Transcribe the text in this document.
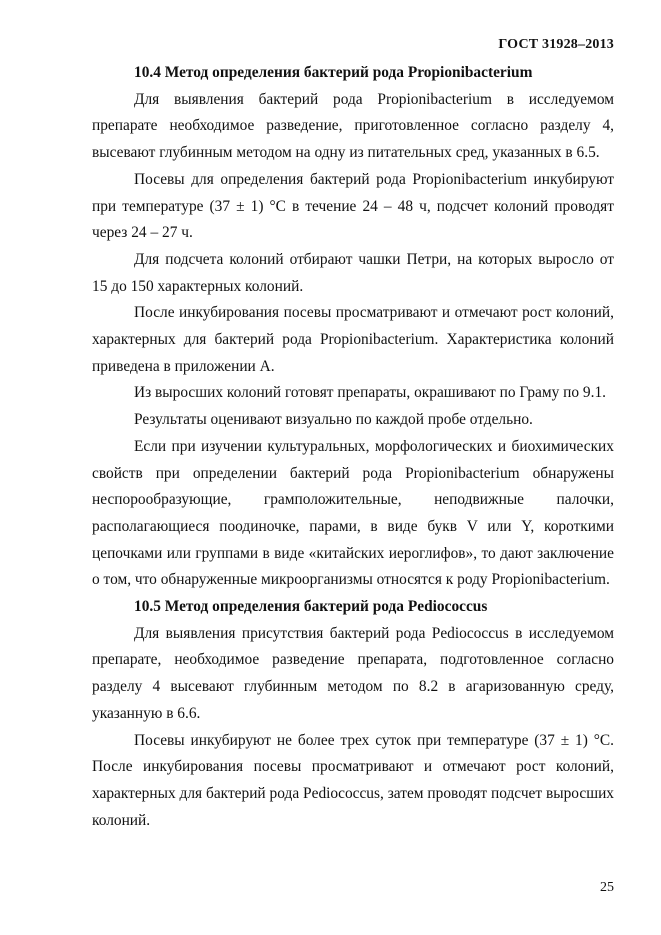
ГОСТ 31928–2013
10.4 Метод определения бактерий рода Propionibacterium

Для выявления бактерий рода Propionibacterium в исследуемом препарате необходимое разведение, приготовленное согласно разделу 4, высевают глубинным методом на одну из питательных сред, указанных в 6.5.

Посевы для определения бактерий рода Propionibacterium инкубируют при температуре (37 ± 1) °С в течение 24 – 48 ч, подсчет колоний проводят через 24 – 27 ч.

Для подсчета колоний отбирают чашки Петри, на которых выросло от 15 до 150 характерных колоний.

После инкубирования посевы просматривают и отмечают рост колоний, характерных для бактерий рода Propionibacterium. Характеристика колоний приведена в приложении А.

Из выросших колоний готовят препараты, окрашивают по Граму по 9.1.

Результаты оценивают визуально по каждой пробе отдельно.

Если при изучении культуральных, морфологических и биохимических свойств при определении бактерий рода Propionibacterium обнаружены неспорообразующие, грамположительные, неподвижные палочки, располагающиеся поодиночке, парами, в виде букв V или Y, короткими цепочками или группами в виде «китайских иероглифов», то дают заключение о том, что обнаруженные микроорганизмы относятся к роду Propionibacterium.

10.5 Метод определения бактерий рода Pediococcus

Для выявления присутствия бактерий рода Pediococcus в исследуемом препарате, необходимое разведение препарата, подготовленное согласно разделу 4 высевают глубинным методом по 8.2 в агаризованную среду, указанную в 6.6.

Посевы инкубируют не более трех суток при температуре (37 ± 1) °С. После инкубирования посевы просматривают и отмечают рост колоний, характерных для бактерий рода Pediococcus, затем проводят подсчет выросших колоний.

25
